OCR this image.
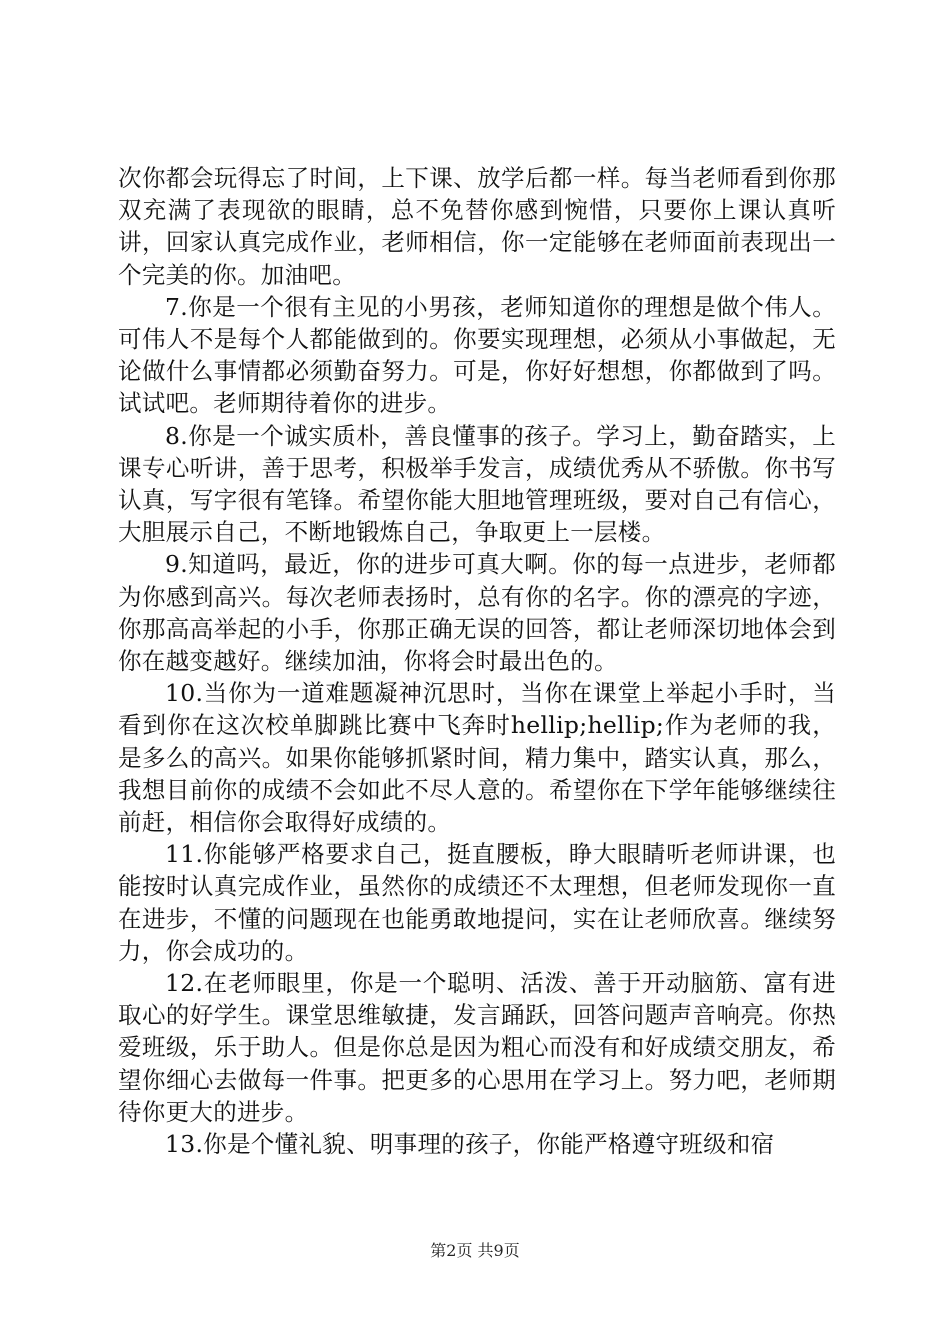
次你都会玩得忘了时间，上下课、放学后都一样。每当老师看到你那双充满了表现欲的眼睛，总不免替你感到惋惜，只要你上课认真听讲，回家认真完成作业，老师相信，你一定能够在老师面前表现出一个完美的你。加油吧。

7.你是一个很有主见的小男孩，老师知道你的理想是做个伟人。可伟人不是每个人都能做到的。你要实现理想，必须从小事做起，无论做什么事情都必须勤奋努力。可是，你好好想想，你都做到了吗。试试吧。老师期待着你的进步。

8.你是一个诚实质朴，善良懂事的孩子。学习上，勤奋踏实，上课专心听讲，善于思考，积极举手发言，成绩优秀从不骄傲。你书写认真，写字很有笔锋。希望你能大胆地管理班级，要对自己有信心，大胆展示自己，不断地锻炼自己，争取更上一层楼。

9.知道吗，最近，你的进步可真大啊。你的每一点进步，老师都为你感到高兴。每次老师表扬时，总有你的名字。你的漂亮的字迹，你那高高举起的小手，你那正确无误的回答，都让老师深切地体会到你在越变越好。继续加油，你将会时最出色的。

10.当你为一道难题凝神沉思时，当你在课堂上举起小手时，当看到你在这次校单脚跳比赛中飞奔时hellip;hellip;作为老师的我，是多么的高兴。如果你能够抓紧时间，精力集中，踏实认真，那么，我想目前你的成绩不会如此不尽人意的。希望你在下学年能够继续往前赶，相信你会取得好成绩的。

11.你能够严格要求自己，挺直腰板，睁大眼睛听老师讲课，也能按时认真完成作业，虽然你的成绩还不太理想，但老师发现你一直在进步，不懂的问题现在也能勇敢地提问，实在让老师欣喜。继续努力，你会成功的。

12.在老师眼里，你是一个聪明、活泼、善于开动脑筋、富有进取心的好学生。课堂思维敏捷，发言踊跃，回答问题声音响亮。你热爱班级，乐于助人。但是你总是因为粗心而没有和好成绩交朋友，希望你细心去做每一件事。把更多的心思用在学习上。努力吧，老师期待你更大的进步。

13.你是个懂礼貌、明事理的孩子，你能严格遵守班级和宿

第2页 共9页
